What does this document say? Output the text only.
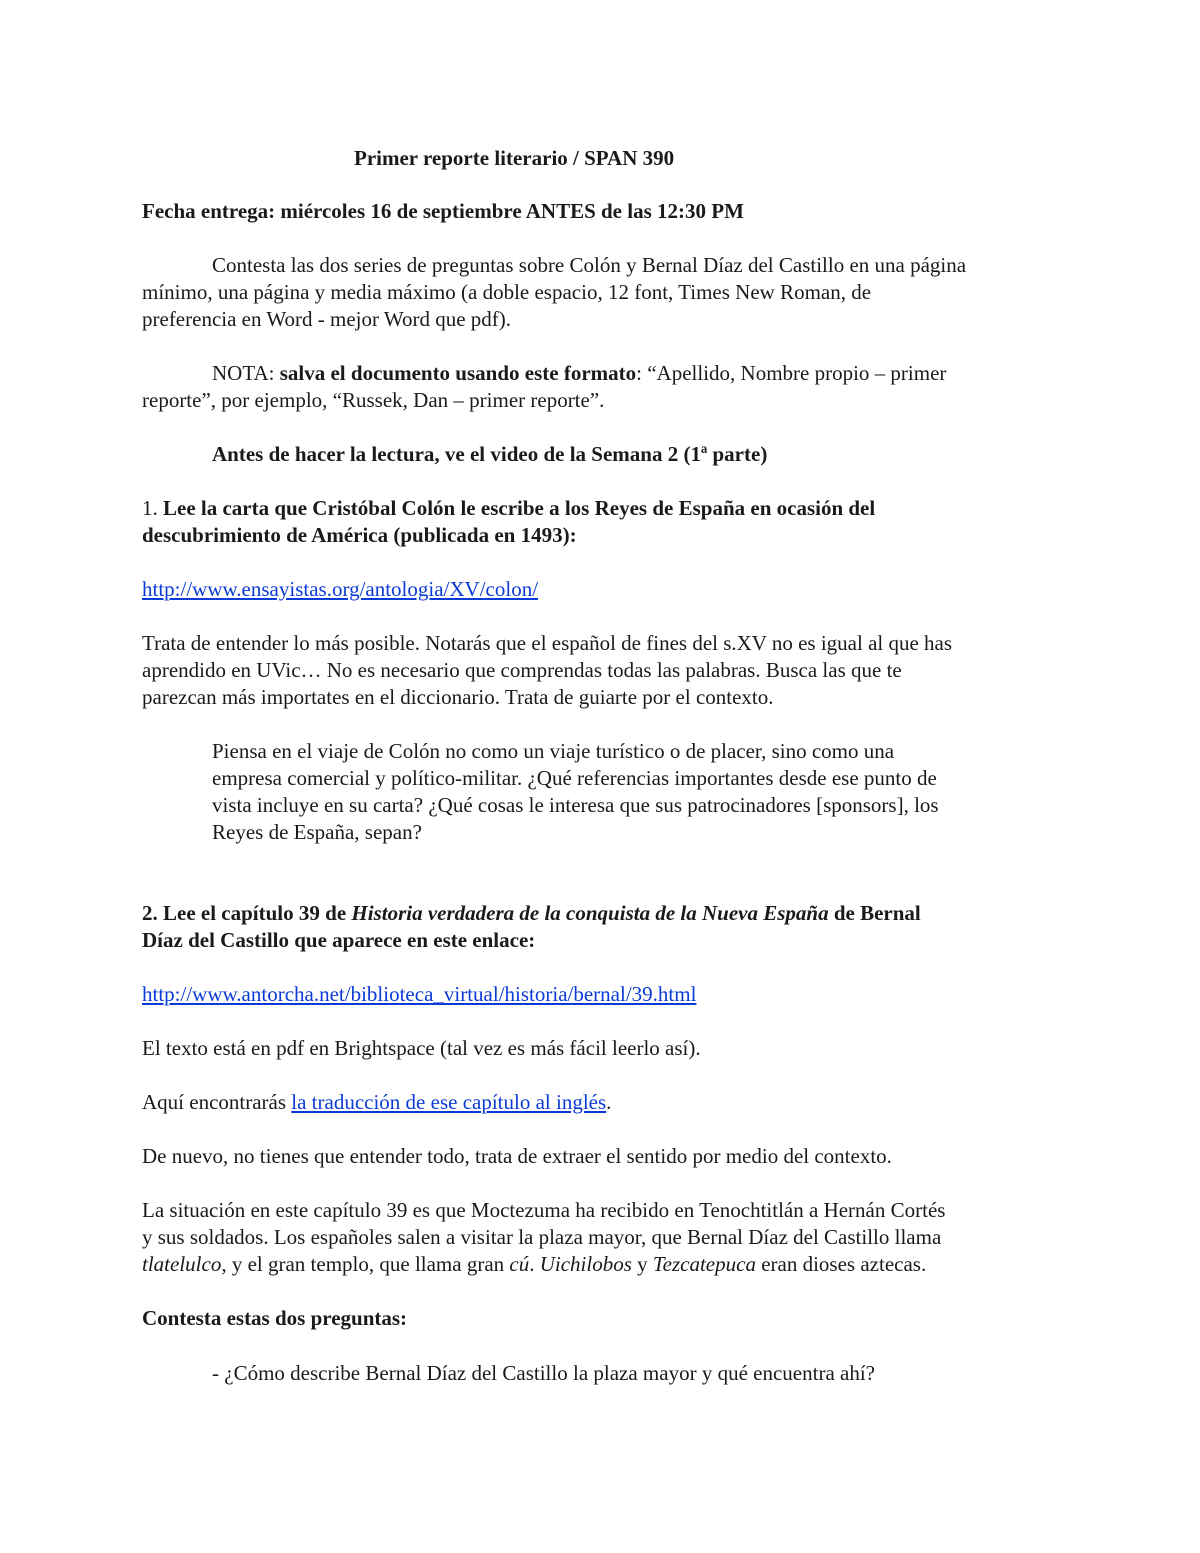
Primer reporte literario / SPAN 390
Fecha entrega: miércoles 16 de septiembre ANTES de las 12:30 PM
Contesta las dos series de preguntas sobre Colón y Bernal Díaz del Castillo en una página
mínimo, una página y media máximo (a doble espacio, 12 font, Times New Roman, de
preferencia en Word - mejor Word que pdf).
NOTA: salva el documento usando este formato: “Apellido, Nombre propio – primer
reporte”, por ejemplo, “Russek, Dan – primer reporte”.
Antes de hacer la lectura, ve el video de la Semana 2 (1ª parte)
1. Lee la carta que Cristóbal Colón le escribe a los Reyes de España en ocasión del
descubrimiento de América (publicada en 1493):
http://www.ensayistas.org/antologia/XV/colon/
Trata de entender lo más posible. Notarás que el español de fines del s.XV no es igual al que has
aprendido en UVic… No es necesario que comprendas todas las palabras. Busca las que te
parezcan más importates en el diccionario. Trata de guiarte por el contexto.
Piensa en el viaje de Colón no como un viaje turístico o de placer, sino como una
empresa comercial y político-militar. ¿Qué referencias importantes desde ese punto de
vista incluye en su carta? ¿Qué cosas le interesa que sus patrocinadores [sponsors], los
Reyes de España, sepan?
2. Lee el capítulo 39 de Historia verdadera de la conquista de la Nueva España de Bernal
Díaz del Castillo que aparece en este enlace:
http://www.antorcha.net/biblioteca_virtual/historia/bernal/39.html
El texto está en pdf en Brightspace (tal vez es más fácil leerlo así).
Aquí encontrarás la traducción de ese capítulo al inglés.
De nuevo, no tienes que entender todo, trata de extraer el sentido por medio del contexto.
La situación en este capítulo 39 es que Moctezuma ha recibido en Tenochtitlán a Hernán Cortés
y sus soldados. Los españoles salen a visitar la plaza mayor, que Bernal Díaz del Castillo llama
tlatelulco, y el gran templo, que llama gran cú. Uichilobos y Tezcatepuca eran dioses aztecas.
Contesta estas dos preguntas:
- ¿Cómo describe Bernal Díaz del Castillo la plaza mayor y qué encuentra ahí?
